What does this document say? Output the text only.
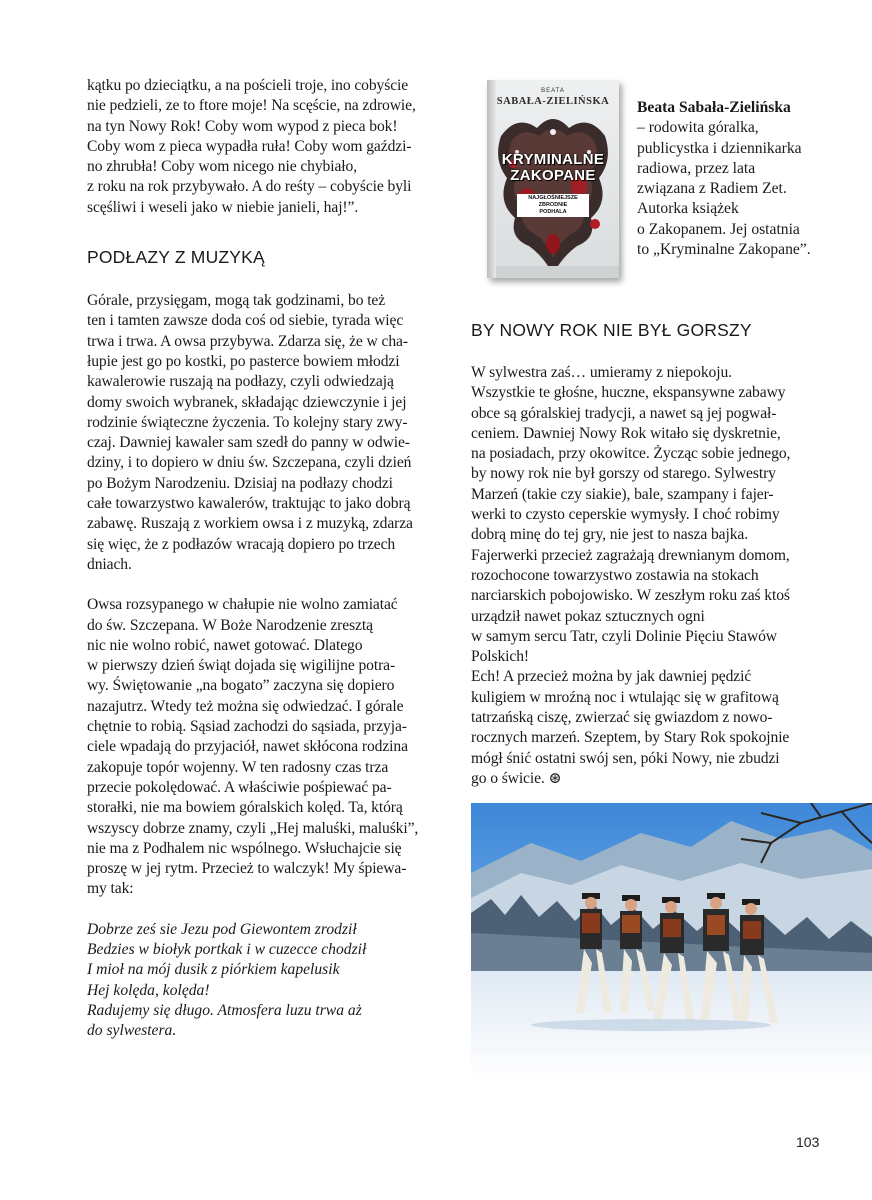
kątku po dzieciątku, a na pościeli troje, ino cobyście
nie pedzieli, ze to ftore moje! Na scęście, na zdrowie,
na tyn Nowy Rok! Coby wom wypod z pieca bok!
Coby wom z pieca wypadła ruła! Coby wom gaździ-
no zhrubła! Coby wom nicego nie chybiało,
z roku na rok przybywało. A do reśty – cobyście byli
scęśliwi i weseli jako w niebie janieli, haj!”.

PODŁAZY Z MUZYKĄ

Górale, przysięgam, mogą tak godzinami, bo też
ten i tamten zawsze doda coś od siebie, tyrada więc
trwa i trwa. A owsa przybywa. Zdarza się, że w cha-
łupie jest go po kostki, po pasterce bowiem młodzi
kawalerowie ruszają na podłazy, czyli odwiedzają
domy swoich wybranek, składając dziewczynie i jej
rodzinie świąteczne życzenia. To kolejny stary zwy-
czaj. Dawniej kawaler sam szedł do panny w odwie-
dziny, i to dopiero w dniu św. Szczepana, czyli dzień
po Bożym Narodzeniu. Dzisiaj na podłazy chodzi
całe towarzystwo kawalerów, traktując to jako dobrą
zabawę. Ruszają z workiem owsa i z muzyką, zdarza
się więc, że z podłazów wracają dopiero po trzech
dniach.

Owsa rozsypanego w chałupie nie wolno zamiatać
do św. Szczepana. W Boże Narodzenie zresztą
nic nie wolno robić, nawet gotować. Dlatego
w pierwszy dzień świąt dojada się wigilijne potra-
wy. Świętowanie „na bogato” zaczyna się dopiero
nazajutrz. Wtedy też można się odwiedzać. I górale
chętnie to robią. Sąsiad zachodzi do sąsiada, przyja-
ciele wpadają do przyjaciół, nawet skłócona rodzina
zakopuje topór wojenny. W ten radosny czas trza
przecie pokolędować. A właściwie pośpiewać pa-
storałki, nie ma bowiem góralskich kolęd. Ta, którą
wszyscy dobrze znamy, czyli „Hej maluśki, maluśki”,
nie ma z Podhalem nic wspólnego. Wsłuchajcie się
proszę w jej rytm. Przecież to walczyk! My śpiewa-
my tak:

Dobrze ześ sie Jezu pod Giewontem zrodził
Bedzies w biołyk portkak i w cuzecce chodził
I mioł na mój dusik z piórkiem kapelusik
Hej kolęda, kolęda!
Radujemy się długo. Atmosfera luzu trwa aż
do sylwestera.

BEATA
SABAŁA-ZIELIŃSKA
KRYMINALNE
ZAKOPANE
NAJGŁOŚNIEJSZE
ZBRODNIE
PODHALA
Beata Sabała-Zielińska
– rodowita góralka,
publicystka i dziennikarka
radiowa, przez lata
związana z Radiem Zet.
Autorka książek
o Zakopanem. Jej ostatnia
to „Kryminalne Zakopane”.
BY NOWY ROK NIE BYŁ GORSZY

W sylwestra zaś… umieramy z niepokoju.
Wszystkie te głośne, huczne, ekspansywne zabawy
obce są góralskiej tradycji, a nawet są jej pogwał-
ceniem. Dawniej Nowy Rok witało się dyskretnie,
na posiadach, przy okowitce. Życząc sobie jednego,
by nowy rok nie był gorszy od starego. Sylwestry
Marzeń (takie czy siakie), bale, szampany i fajer-
werki to czysto ceperskie wymysły. I choć robimy
dobrą minę do tej gry, nie jest to nasza bajka.
Fajerwerki przecież zagrażają drewnianym domom,
rozochocone towarzystwo zostawia na stokach
narciarskich pobojowisko. W zeszłym roku zaś ktoś
urządził nawet pokaz sztucznych ogni
w samym sercu Tatr, czyli Dolinie Pięciu Stawów
Polskich!
Ech! A przecież można by jak dawniej pędzić
kuligiem w mroźną noc i wtulając się w grafitową
tatrzańską ciszę, zwierzać się gwiazdom z nowo-
rocznych marzeń. Szeptem, by Stary Rok spokojnie
mógł śnić ostatni swój sen, póki Nowy, nie zbudzi
go o świcie. ⊛

103
